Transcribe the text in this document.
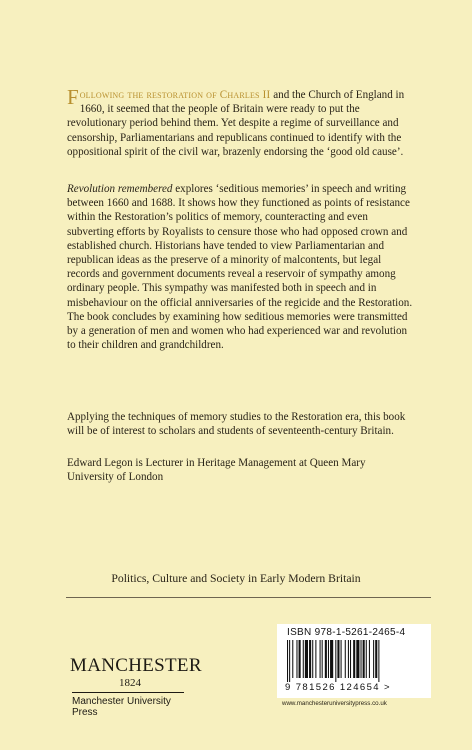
Following the restoration of Charles II and the Church of England in 1660, it seemed that the people of Britain were ready to put the revolutionary period behind them. Yet despite a regime of surveillance and censorship, Parliamentarians and republicans continued to identify with the oppositional spirit of the civil war, brazenly endorsing the ‘good old cause’.
Revolution remembered explores ‘seditious memories’ in speech and writing between 1660 and 1688. It shows how they functioned as points of resistance within the Restoration’s politics of memory, counteracting and even subverting efforts by Royalists to censure those who had opposed crown and established church. Historians have tended to view Parliamentarian and republican ideas as the preserve of a minority of malcontents, but legal records and government documents reveal a reservoir of sympathy among ordinary people. This sympathy was manifested both in speech and in misbehaviour on the official anniversaries of the regicide and the Restoration. The book concludes by examining how seditious memories were transmitted by a generation of men and women who had experienced war and revolution to their children and grandchildren.
Applying the techniques of memory studies to the Restoration era, this book will be of interest to scholars and students of seventeenth-century Britain.
Edward Legon is Lecturer in Heritage Management at Queen Mary University of London
Politics, Culture and Society in Early Modern Britain
MANCHESTER
1824
Manchester University Press
ISBN 978-1-5261-2465-4
9 781526 124654 >
www.manchesteruniversitypress.co.uk
